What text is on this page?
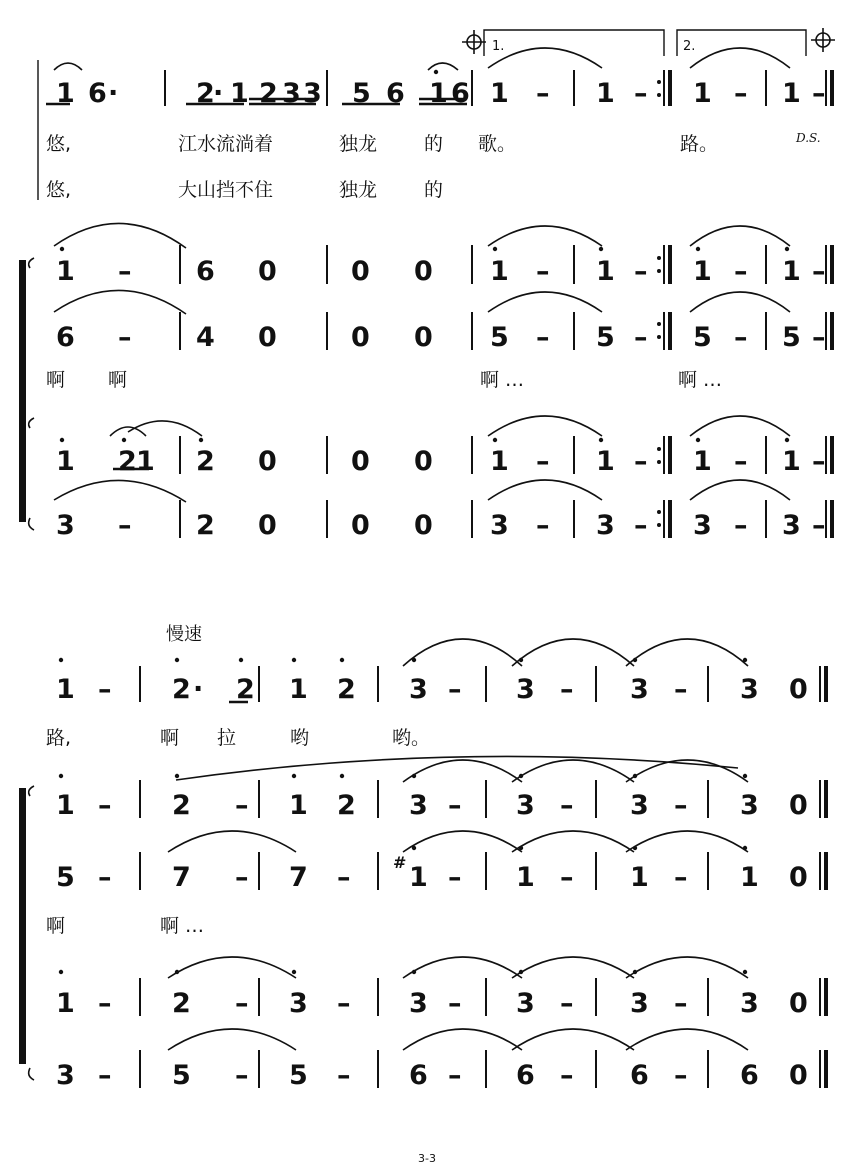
1.	2.
1 6 ·	2
· 1 2 3 3 5 6 1 6 1 – 1 – 1 – 1 –
D.S.
悠,	江水流淌着	独龙 的 歌。	路。
悠,	大山挡不住	独龙 的
1 – 6 0	0 0 1 – 1 – 1 – 1 –
6 – 4 0	0 0 5 – 5 – 5 – 5 –
啊 啊	啊 …	啊 …
1 2 1 2 0	0 0 1 – 1 – 1 – 1 –
3 – 2 0	0 0 3 – 3 – 3 – 3 –
慢速
1 – 2 · 2 1 2 3 – 3 – 3 – 3 0
路,	啊 拉	哟	哟。
1 – 2 – 1 2 3 – 3 – 3 – 3 0
5 – 7 – 7 – 1 – 1 – 1 – 1 0
啊	啊 …
1 – 2 – 3 – 3 – 3 – 3 – 3 0
3 – 5 – 5 – 6 – 6 – 6 – 6 0
#
3-3
